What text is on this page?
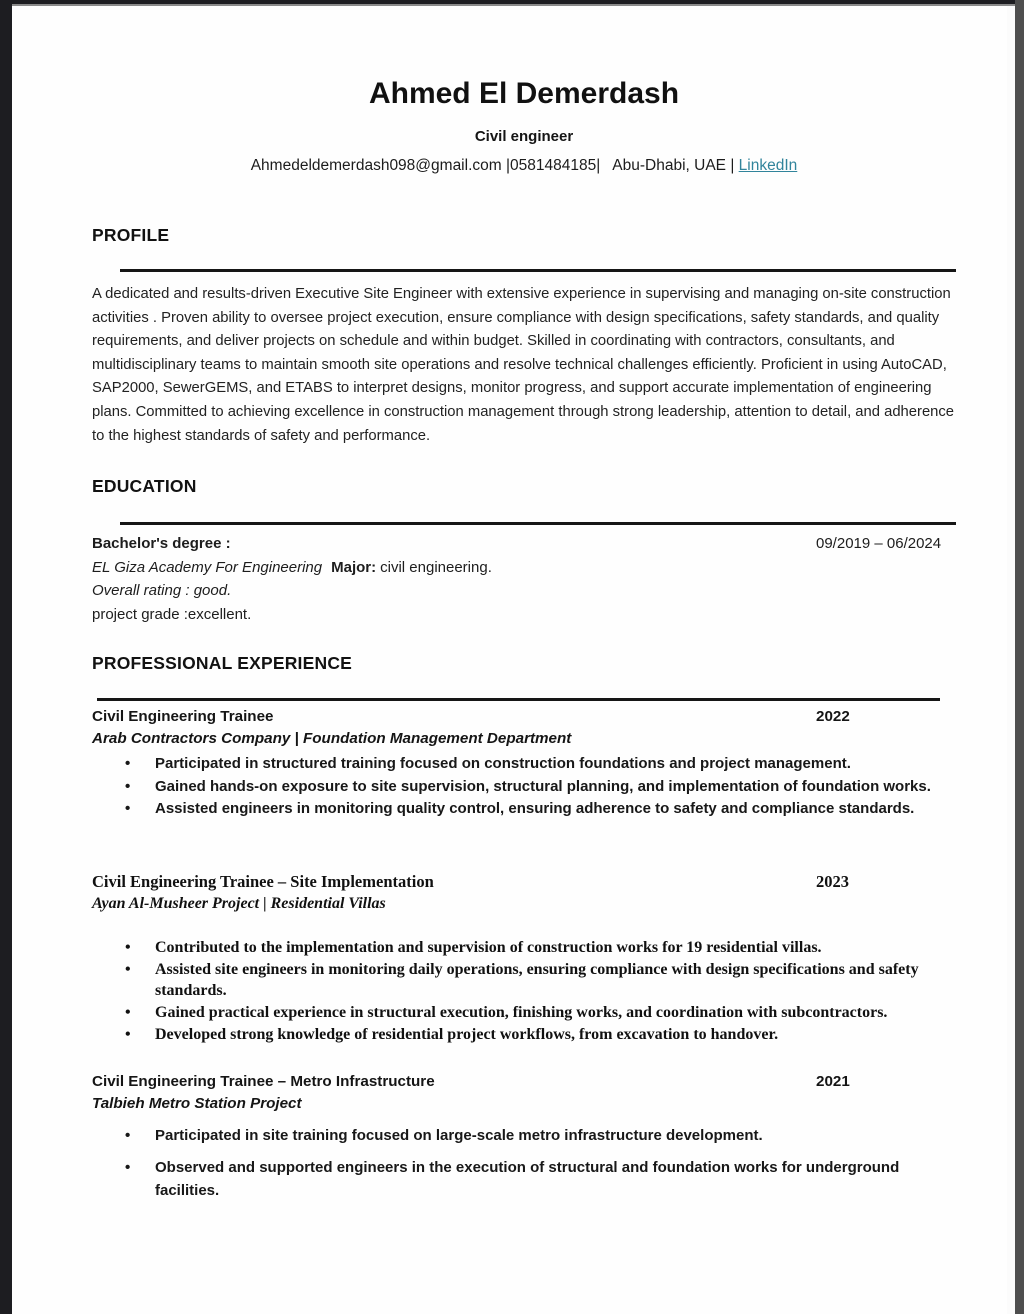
Ahmed El Demerdash

Civil engineer

Ahmedeldemerdash098@gmail.com |0581484185|   Abu-Dhabi, UAE | LinkedIn

PROFILE

A dedicated and results-driven Executive Site Engineer with extensive experience in supervising and managing on-site construction activities . Proven ability to oversee project execution, ensure compliance with design specifications, safety standards, and quality requirements, and deliver projects on schedule and within budget. Skilled in coordinating with contractors, consultants, and multidisciplinary teams to maintain smooth site operations and resolve technical challenges efficiently. Proficient in using AutoCAD, SAP2000, SewerGEMS, and ETABS to interpret designs, monitor progress, and support accurate implementation of engineering plans. Committed to achieving excellence in construction management through strong leadership, attention to detail, and adherence to the highest standards of safety and performance.

EDUCATION
Bachelor's degree :	09/2019 – 06/2024
EL Giza Academy For Engineering Major: civil engineering.
Overall rating : good.
project grade :excellent.
PROFESSIONAL EXPERIENCE
Civil Engineering Trainee	2022

Arab Contractors Company | Foundation Management Department

• Participated in structured training focused on construction foundations and project management.
• Gained hands-on exposure to site supervision, structural planning, and implementation of foundation works.
• Assisted engineers in monitoring quality control, ensuring adherence to safety and compliance standards.
Civil Engineering Trainee – Site Implementation	2023

Ayan Al-Musheer Project | Residential Villas

• Contributed to the implementation and supervision of construction works for 19 residential villas.
• Assisted site engineers in monitoring daily operations, ensuring compliance with design specifications and safety standards.
• Gained practical experience in structural execution, finishing works, and coordination with subcontractors.
• Developed strong knowledge of residential project workflows, from excavation to handover.
Civil Engineering Trainee – Metro Infrastructure	2021

Talbieh Metro Station Project

• Participated in site training focused on large-scale metro infrastructure development.
• Observed and supported engineers in the execution of structural and foundation works for underground facilities.
